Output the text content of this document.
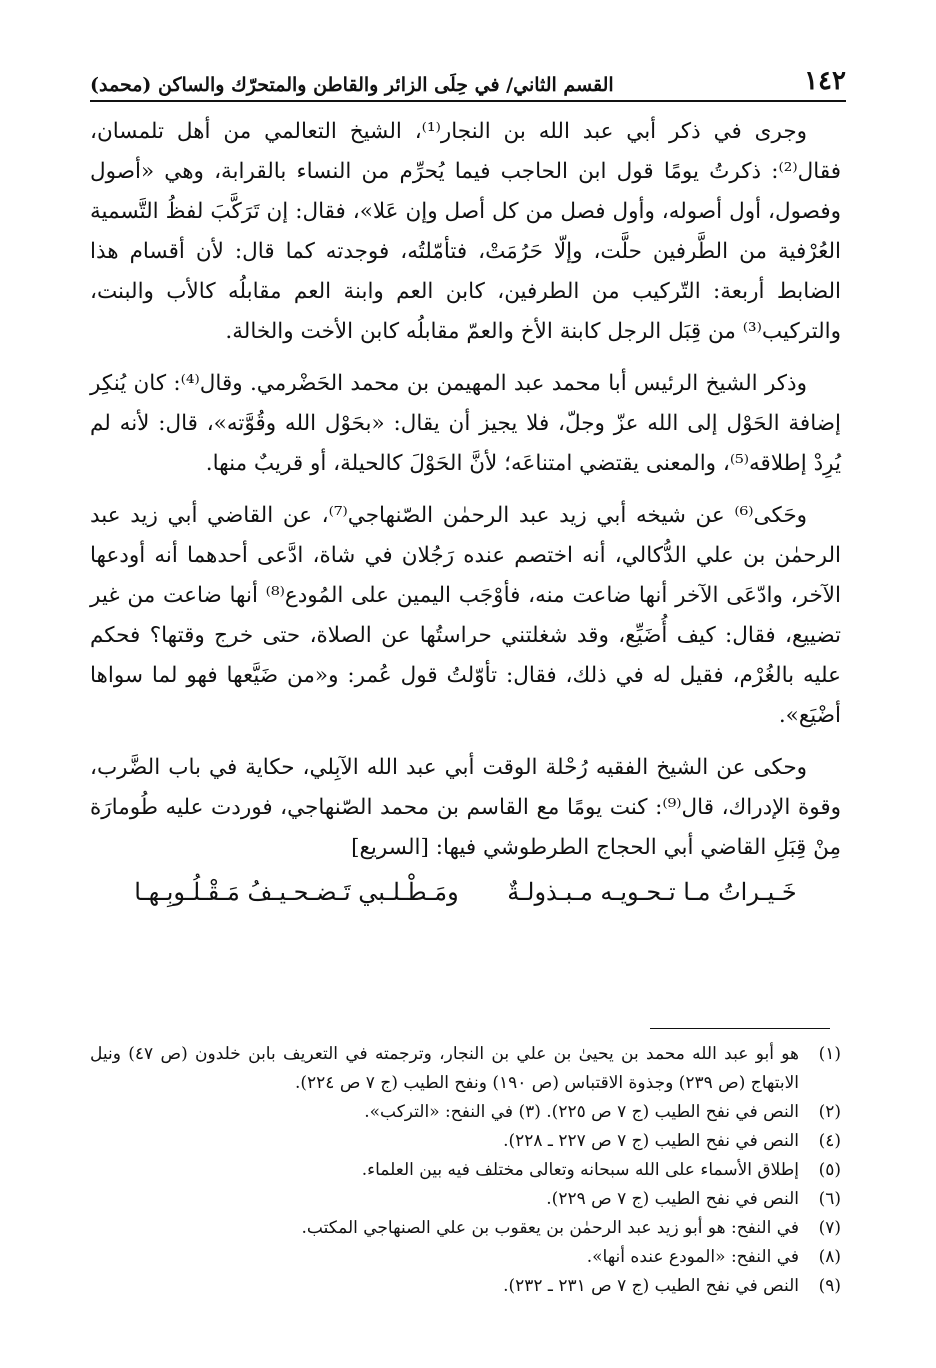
١٤٢
القسم الثاني/ في حِلَى الزائر والقاطن والمتحرّك والساكن (محمد)

وجرى في ذكر أبي عبد الله بن النجار⁽¹⁾، الشيخ التعالمي من أهل تلمسان، فقال⁽²⁾: ذكرتُ يومًا قول ابن الحاجب فيما يُحرِّم من النساء بالقرابة، وهي «أصول وفصول، أول أصوله، وأول فصل من كل أصل وإن عَلا»، فقال: إن تَرَكَّبَ لفظُ التَّسمية العُرْفية من الطَّرفين حلَّت، وإلّا حَرُمَتْ، فتأمّلتُه، فوجدته كما قال: لأن أقسام هذا الضابط أربعة: التّركيب من الطرفين، كابن العم وابنة العم مقابلُه كالأب والبنت، والتركيب⁽³⁾ من قِبَل الرجل كابنة الأخ والعمّ مقابلُه كابن الأخت والخالة.

وذكر الشيخ الرئيس أبا محمد عبد المهيمن بن محمد الحَضْرمي. وقال⁽⁴⁾: كان يُنكِر إضافة الحَوْل إلى الله عزّ وجلّ، فلا يجيز أن يقال: «بحَوْل الله وقُوَّته»، قال: لأنه لم يُرِدْ إطلاقه⁽⁵⁾، والمعنى يقتضي امتناعَه؛ لأنَّ الحَوْلَ كالحيلة، أو قريبٌ منها.

وحَكى⁽⁶⁾ عن شيخه أبي زيد عبد الرحمٰن الصّنهاجي⁽⁷⁾، عن القاضي أبي زيد عبد الرحمٰن بن علي الدُّكالي، أنه اختصم عنده رَجُلان في شاة، ادَّعى أحدهما أنه أودعها الآخر، وادّعَى الآخر أنها ضاعت منه، فأوْجَب اليمين على المُودع⁽⁸⁾ أنها ضاعت من غير تضييع، فقال: كيف أُضَيِّع، وقد شغلتني حراستُها عن الصلاة، حتى خرج وقتها؟ فحكم عليه بالغُرْم، فقيل له في ذلك، فقال: تأوّلتُ قول عُمر: و«من ضَيَّعها فهو لما سواها أضْيَع».

وحكى عن الشيخ الفقيه رُحْلة الوقت أبي عبد الله الآبِلي، حكاية في باب الضَّرب، وقوة الإدراك، قال⁽⁹⁾: كنت يومًا مع القاسم بن محمد الصّنهاجي، فوردت عليه طُومارَة مِنْ قِبَلِ القاضي أبي الحجاج الطرطوشي فيها: [السريع]

خَـيـراتُ مـا تـحـويـه مـبـذولـةٌ
ومَـطْـلـبي تَـضـحـيـفُ مَـقْـلُـوبِـهـا

(١)
هو أبو عبد الله محمد بن يحيىٰ بن علي بن النجار، وترجمته في التعريف بابن خلدون (ص ٤٧) ونيل الابتهاج (ص ٢٣٩) وجذوة الاقتباس (ص ١٩٠) ونفح الطيب (ج ٧ ص ٢٢٤).

(٢)
النص في نفح الطيب (ج ٧ ص ٢٢٥). (٣) في النفح: «التركب».

(٤)
النص في نفح الطيب (ج ٧ ص ٢٢٧ ـ ٢٢٨).

(٥)
إطلاق الأسماء على الله سبحانه وتعالى مختلف فيه بين العلماء.

(٦)
النص في نفح الطيب (ج ٧ ص ٢٢٩).

(٧)
في النفح: هو أبو زيد عبد الرحمٰن بن يعقوب بن علي الصنهاجي المكتب.

(٨)
في النفح: «المودع عنده أنها».

(٩)
النص في نفح الطيب (ج ٧ ص ٢٣١ ـ ٢٣٢).
